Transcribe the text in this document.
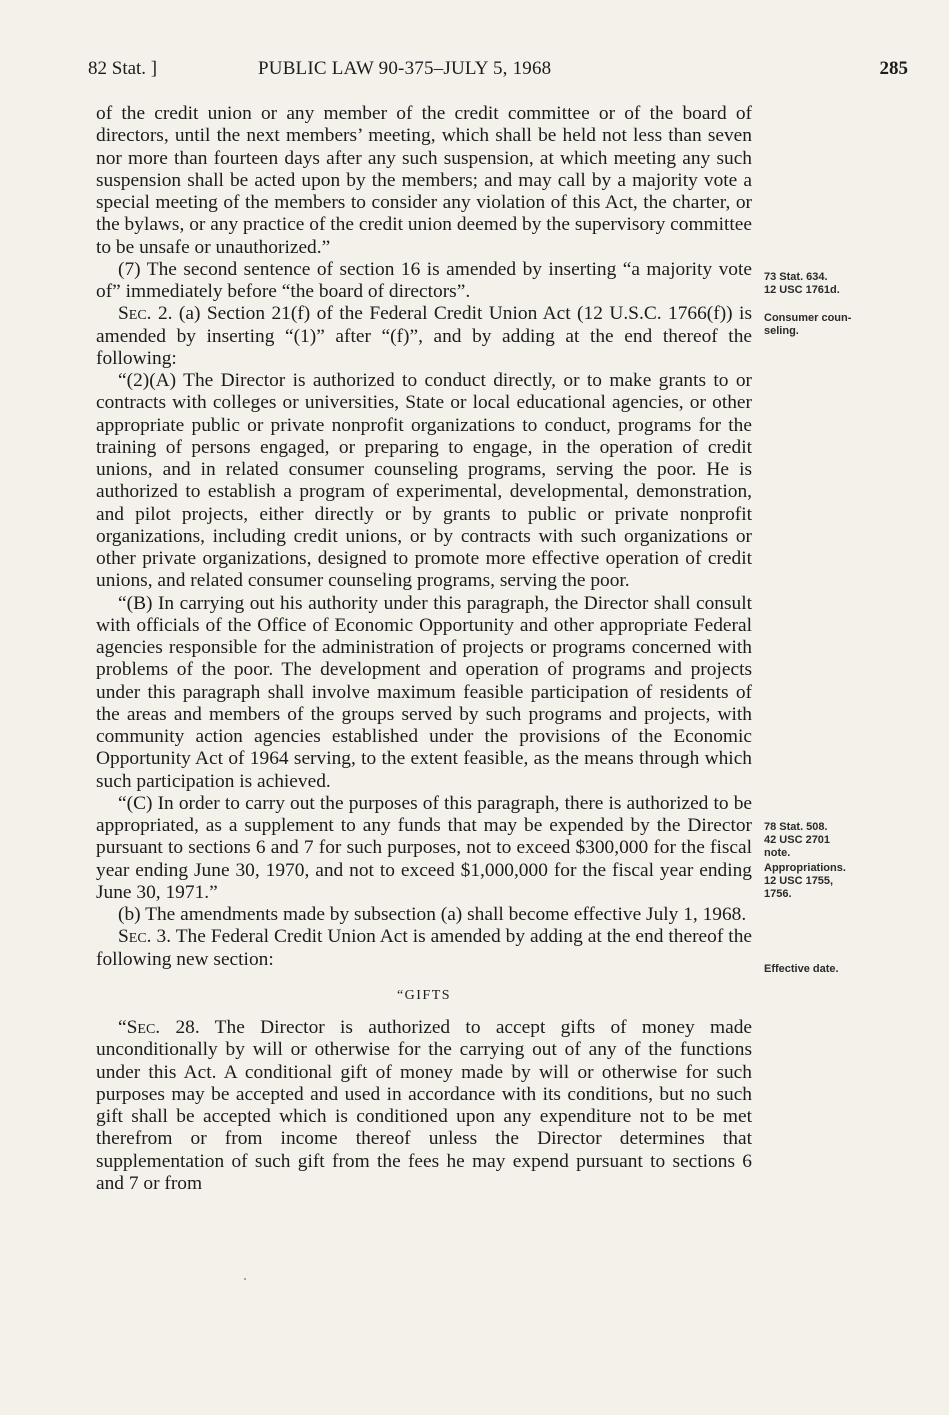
82 Stat. ]	PUBLIC LAW 90-375–JULY 5, 1968	285

of the credit union or any member of the credit committee or of the board of directors, until the next members’ meeting, which shall be held not less than seven nor more than fourteen days after any such suspension, at which meeting any such suspension shall be acted upon by the members; and may call by a majority vote a special meeting of the members to consider any violation of this Act, the charter, or the bylaws, or any practice of the credit union deemed by the supervisory committee to be unsafe or unauthorized.”

(7) The second sentence of section 16 is amended by inserting “a majority vote of” immediately before “the board of directors”.

Sec. 2. (a) Section 21(f) of the Federal Credit Union Act (12 U.S.C. 1766(f)) is amended by inserting “(1)” after “(f)”, and by adding at the end thereof the following:

“(2)(A) The Director is authorized to conduct directly, or to make grants to or contracts with colleges or universities, State or local educational agencies, or other appropriate public or private nonprofit organizations to conduct, programs for the training of persons engaged, or preparing to engage, in the operation of credit unions, and in related consumer counseling programs, serving the poor. He is authorized to establish a program of experimental, developmental, demonstration, and pilot projects, either directly or by grants to public or private nonprofit organizations, including credit unions, or by contracts with such organizations or other private organizations, designed to promote more effective operation of credit unions, and related consumer counseling programs, serving the poor.

“(B) In carrying out his authority under this paragraph, the Director shall consult with officials of the Office of Economic Opportunity and other appropriate Federal agencies responsible for the administration of projects or programs concerned with problems of the poor. The development and operation of programs and projects under this paragraph shall involve maximum feasible participation of residents of the areas and members of the groups served by such programs and projects, with community action agencies established under the provisions of the Economic Opportunity Act of 1964 serving, to the extent feasible, as the means through which such participation is achieved.

“(C) In order to carry out the purposes of this paragraph, there is authorized to be appropriated, as a supplement to any funds that may be expended by the Director pursuant to sections 6 and 7 for such purposes, not to exceed $300,000 for the fiscal year ending June 30, 1970, and not to exceed $1,000,000 for the fiscal year ending June 30, 1971.”

(b) The amendments made by subsection (a) shall become effective July 1, 1968.

Sec. 3. The Federal Credit Union Act is amended by adding at the end thereof the following new section:

“GIFTS

“Sec. 28. The Director is authorized to accept gifts of money made unconditionally by will or otherwise for the carrying out of any of the functions under this Act. A conditional gift of money made by will or otherwise for such purposes may be accepted and used in accordance with its conditions, but no such gift shall be accepted which is conditioned upon any expenditure not to be met therefrom or from income thereof unless the Director determines that supplementation of such gift from the fees he may expend pursuant to sections 6 and 7 or from

73 Stat. 634.
12 USC 1761d.
Consumer coun-
seling.
78 Stat. 508.
42 USC 2701
note.
Appropriations.
12 USC 1755,
1756.
Effective date.
